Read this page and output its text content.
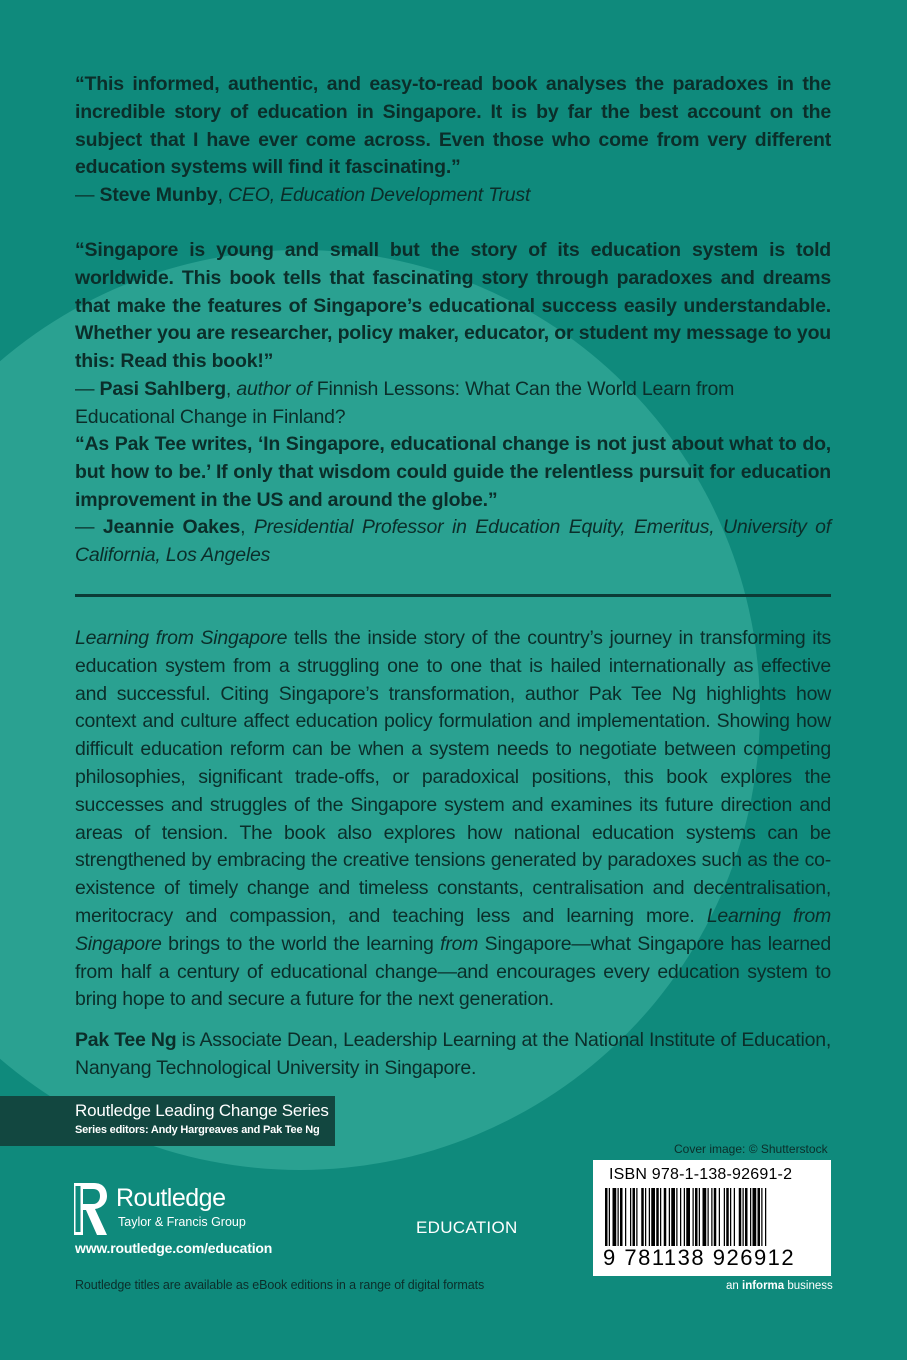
“This informed, authentic, and easy-to-read book analyses the paradoxes in the incredible story of education in Singapore. It is by far the best account on the subject that I have ever come across. Even those who come from very different education systems will find it fascinating.”

— Steve Munby, CEO, Education Development Trust

“Singapore is young and small but the story of its education system is told worldwide. This book tells that fascinating story through paradoxes and dreams that make the features of Singapore’s educational success easily understandable. Whether you are researcher, policy maker, educator, or student my message to you this: Read this book!”

— Pasi Sahlberg, author of Finnish Lessons: What Can the World Learn from Educational Change in Finland?

“As Pak Tee writes, ‘In Singapore, educational change is not just about what to do, but how to be.’ If only that wisdom could guide the relentless pursuit for education improvement in the US and around the globe.”

— Jeannie Oakes, Presidential Professor in Education Equity, Emeritus, University of California, Los Angeles

Learning from Singapore tells the inside story of the country’s journey in transforming its education system from a struggling one to one that is hailed internationally as effective and successful. Citing Singapore’s transformation, author Pak Tee Ng highlights how context and culture affect education policy formulation and implementation. Showing how difficult education reform can be when a system needs to negotiate between competing philosophies, significant trade-offs, or paradoxical positions, this book explores the successes and struggles of the Singapore system and examines its future direction and areas of tension. The book also explores how national education systems can be strengthened by embracing the creative tensions generated by paradoxes such as the co-existence of timely change and timeless constants, centralisation and decentralisation, meritocracy and compassion, and teaching less and learning more. Learning from Singapore brings to the world the learning from Singapore—what Singapore has learned from half a century of educational change—and encourages every education system to bring hope to and secure a future for the next generation.

Pak Tee Ng is Associate Dean, Leadership Learning at the National Institute of Education, Nanyang Technological University in Singapore.

Routledge Leading Change Series
Series editors: Andy Hargreaves and Pak Tee Ng
Routledge
Taylor & Francis Group
www.routledge.com/education
EDUCATION
Routledge titles are available as eBook editions in a range of digital formats
Cover image: © Shutterstock
ISBN 978-1-138-92691-2
9 781138 926912
an informa business
